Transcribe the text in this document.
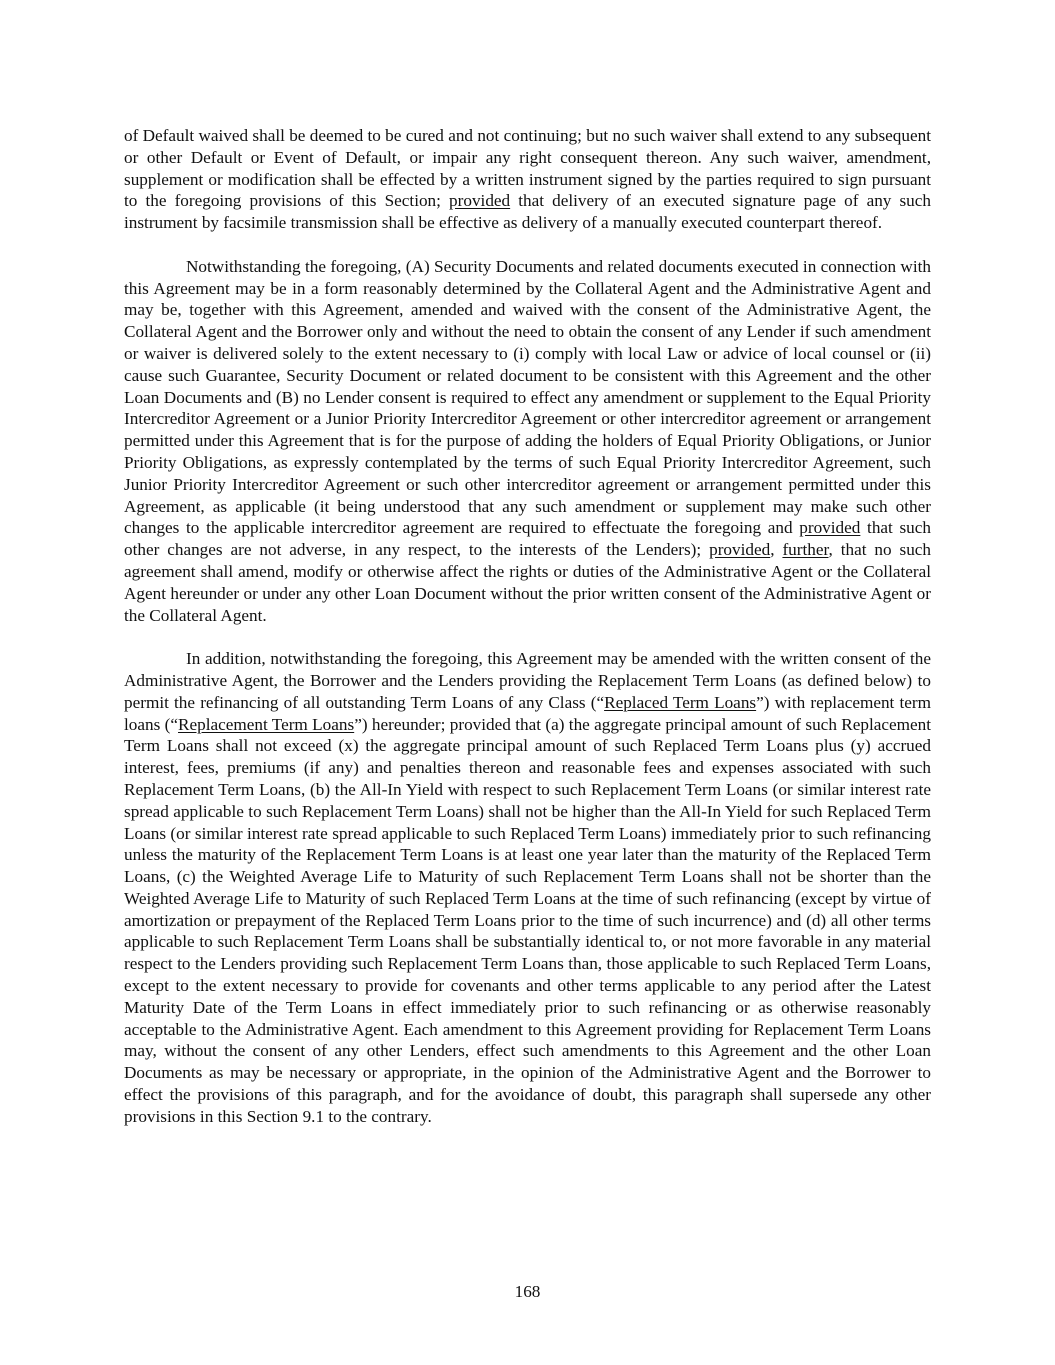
of Default waived shall be deemed to be cured and not continuing; but no such waiver shall extend to any subsequent or other Default or Event of Default, or impair any right consequent thereon. Any such waiver, amendment, supplement or modification shall be effected by a written instrument signed by the parties required to sign pursuant to the foregoing provisions of this Section; provided that delivery of an executed signature page of any such instrument by facsimile transmission shall be effective as delivery of a manually executed counterpart thereof.

Notwithstanding the foregoing, (A) Security Documents and related documents executed in connection with this Agreement may be in a form reasonably determined by the Collateral Agent and the Administrative Agent and may be, together with this Agreement, amended and waived with the consent of the Administrative Agent, the Collateral Agent and the Borrower only and without the need to obtain the consent of any Lender if such amendment or waiver is delivered solely to the extent necessary to (i) comply with local Law or advice of local counsel or (ii) cause such Guarantee, Security Document or related document to be consistent with this Agreement and the other Loan Documents and (B) no Lender consent is required to effect any amendment or supplement to the Equal Priority Intercreditor Agreement or a Junior Priority Intercreditor Agreement or other intercreditor agreement or arrangement permitted under this Agreement that is for the purpose of adding the holders of Equal Priority Obligations, or Junior Priority Obligations, as expressly contemplated by the terms of such Equal Priority Intercreditor Agreement, such Junior Priority Intercreditor Agreement or such other intercreditor agreement or arrangement permitted under this Agreement, as applicable (it being understood that any such amendment or supplement may make such other changes to the applicable intercreditor agreement are required to effectuate the foregoing and provided that such other changes are not adverse, in any respect, to the interests of the Lenders); provided, further, that no such agreement shall amend, modify or otherwise affect the rights or duties of the Administrative Agent or the Collateral Agent hereunder or under any other Loan Document without the prior written consent of the Administrative Agent or the Collateral Agent.

In addition, notwithstanding the foregoing, this Agreement may be amended with the written consent of the Administrative Agent, the Borrower and the Lenders providing the Replacement Term Loans (as defined below) to permit the refinancing of all outstanding Term Loans of any Class (“Replaced Term Loans”) with replacement term loans (“Replacement Term Loans”) hereunder; provided that (a) the aggregate principal amount of such Replacement Term Loans shall not exceed (x) the aggregate principal amount of such Replaced Term Loans plus (y) accrued interest, fees, premiums (if any) and penalties thereon and reasonable fees and expenses associated with such Replacement Term Loans, (b) the All-In Yield with respect to such Replacement Term Loans (or similar interest rate spread applicable to such Replacement Term Loans) shall not be higher than the All-In Yield for such Replaced Term Loans (or similar interest rate spread applicable to such Replaced Term Loans) immediately prior to such refinancing unless the maturity of the Replacement Term Loans is at least one year later than the maturity of the Replaced Term Loans, (c) the Weighted Average Life to Maturity of such Replacement Term Loans shall not be shorter than the Weighted Average Life to Maturity of such Replaced Term Loans at the time of such refinancing (except by virtue of amortization or prepayment of the Replaced Term Loans prior to the time of such incurrence) and (d) all other terms applicable to such Replacement Term Loans shall be substantially identical to, or not more favorable in any material respect to the Lenders providing such Replacement Term Loans than, those applicable to such Replaced Term Loans, except to the extent necessary to provide for covenants and other terms applicable to any period after the Latest Maturity Date of the Term Loans in effect immediately prior to such refinancing or as otherwise reasonably acceptable to the Administrative Agent. Each amendment to this Agreement providing for Replacement Term Loans may, without the consent of any other Lenders, effect such amendments to this Agreement and the other Loan Documents as may be necessary or appropriate, in the opinion of the Administrative Agent and the Borrower to effect the provisions of this paragraph, and for the avoidance of doubt, this paragraph shall supersede any other provisions in this Section 9.1 to the contrary.

168
